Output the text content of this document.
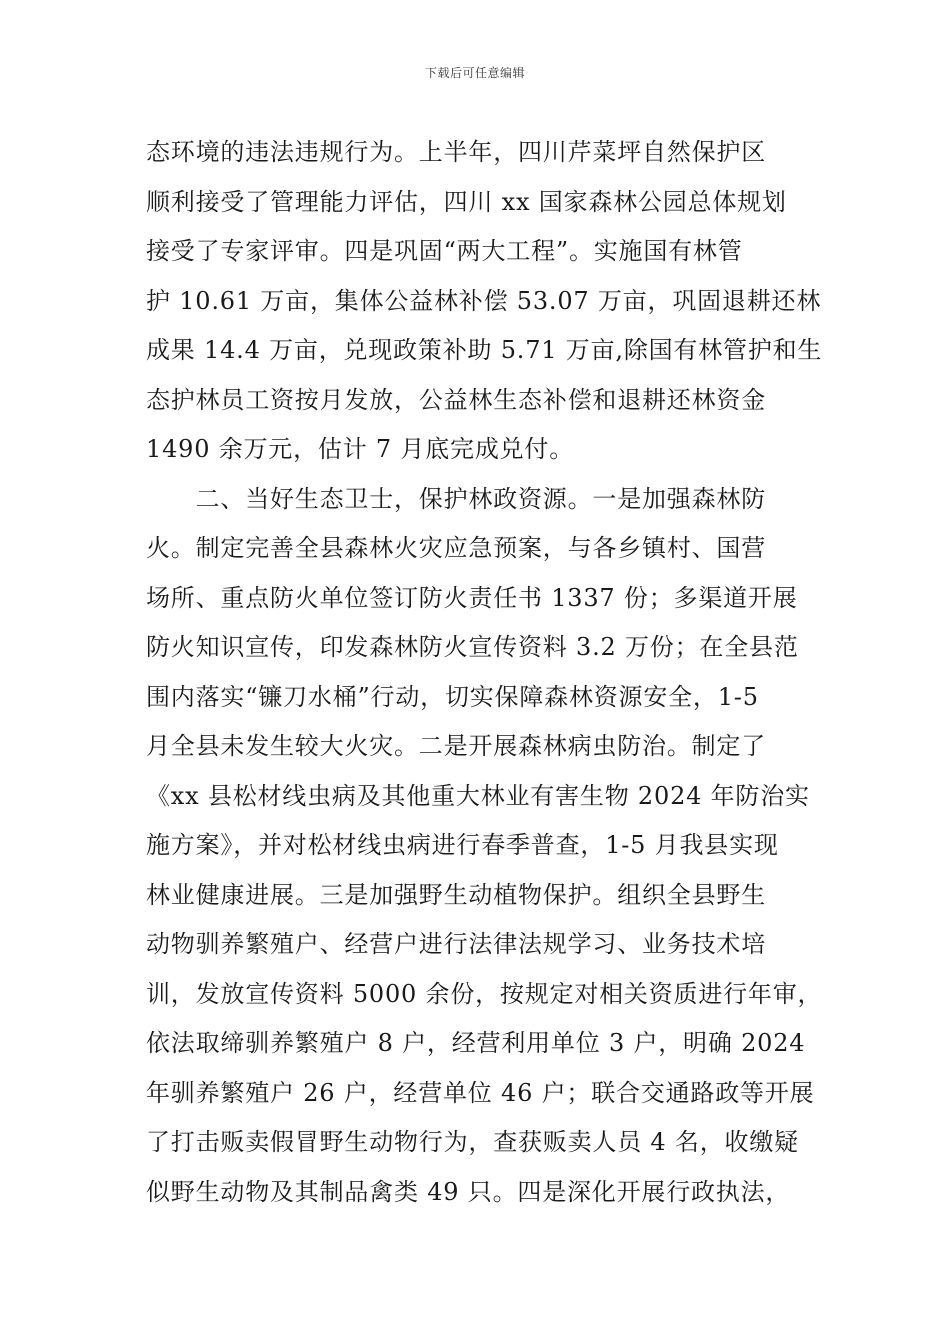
下载后可任意编辑
态环境的违法违规行为。上半年，四川芹菜坪自然保护区
顺利接受了管理能力评估，四川 xx 国家森林公园总体规划
接受了专家评审。四是巩固“两大工程”。实施国有林管
护 10.61 万亩，集体公益林补偿 53.07 万亩，巩固退耕还林
成果 14.4 万亩，兑现政策补助 5.71 万亩,除国有林管护和生
态护林员工资按月发放，公益林生态补偿和退耕还林资金
1490 余万元，估计 7 月底完成兑付。
　　二、当好生态卫士，保护林政资源。一是加强森林防
火。制定完善全县森林火灾应急预案，与各乡镇村、国营
场所、重点防火单位签订防火责任书 1337 份；多渠道开展
防火知识宣传，印发森林防火宣传资料 3.2 万份；在全县范
围内落实“镰刀水桶”行动，切实保障森林资源安全，1-5
月全县未发生较大火灾。二是开展森林病虫防治。制定了
《xx 县松材线虫病及其他重大林业有害生物 2024 年防治实
施方案》，并对松材线虫病进行春季普查，1-5 月我县实现
林业健康进展。三是加强野生动植物保护。组织全县野生
动物驯养繁殖户、经营户进行法律法规学习、业务技术培
训，发放宣传资料 5000 余份，按规定对相关资质进行年审，
依法取缔驯养繁殖户 8 户，经营利用单位 3 户，明确 2024
年驯养繁殖户 26 户，经营单位 46 户；联合交通路政等开展
了打击贩卖假冒野生动物行为，查获贩卖人员 4 名，收缴疑
似野生动物及其制品禽类 49 只。四是深化开展行政执法，
